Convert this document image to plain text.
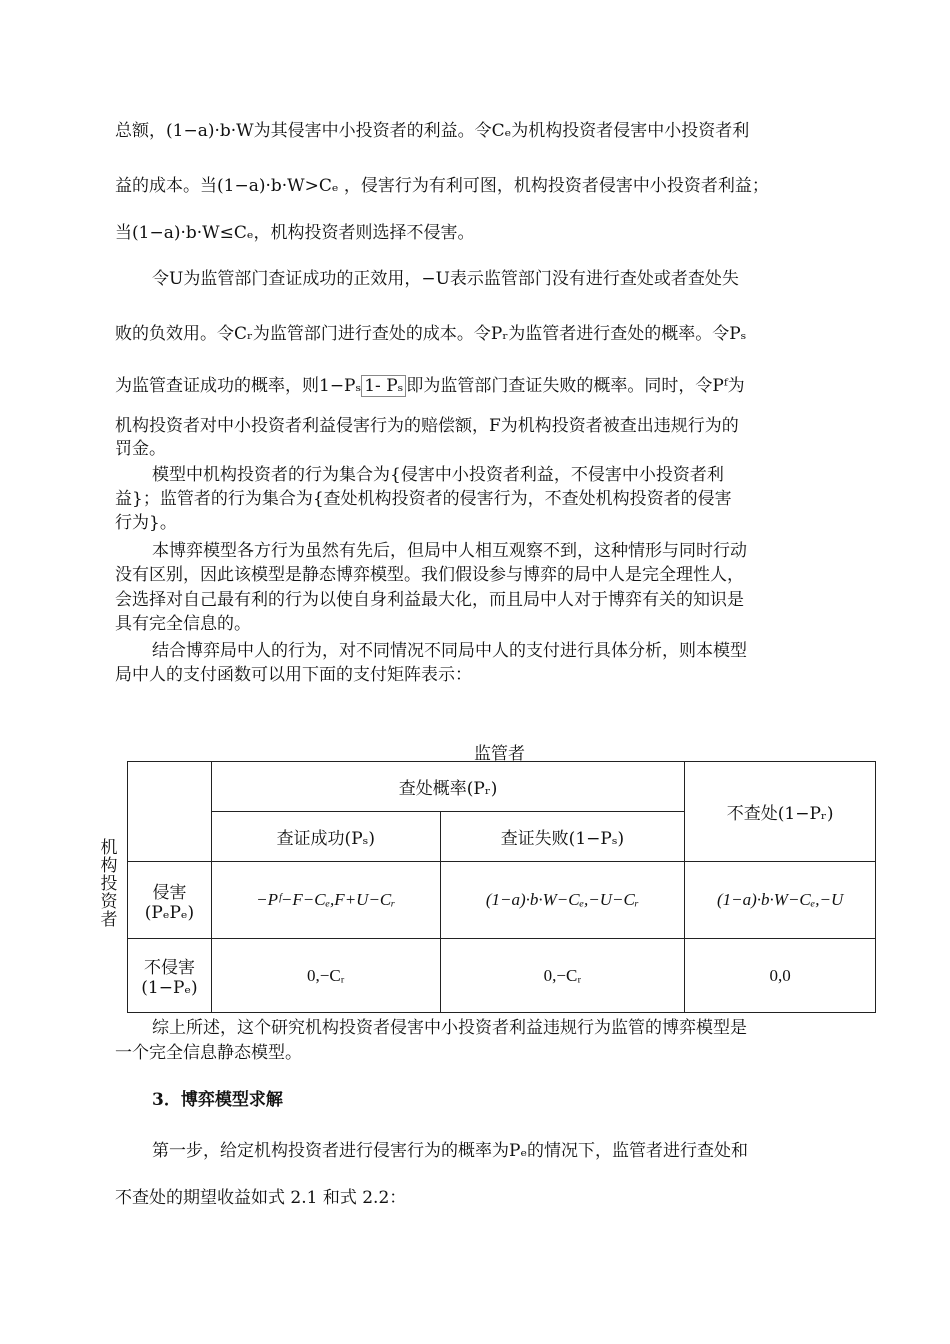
总额，(1−a)·b·W为其侵害中小投资者的利益。令Cₑ为机构投资者侵害中小投资者利
益的成本。当(1−a)·b·W>Cₑ ，侵害行为有利可图，机构投资者侵害中小投资者利益；
当(1−a)·b·W≤Cₑ，机构投资者则选择不侵害。
令U为监管部门查证成功的正效用，−U表示监管部门没有进行查处或者查处失
败的负效用。令Cᵣ为监管部门进行查处的成本。令Pᵣ为监管者进行查处的概率。令Pₛ
为监管查证成功的概率，则1−Pₛ 1- Pₛ 即为监管部门查证失败的概率。同时，令Pᶠ为
机构投资者对中小投资者利益侵害行为的赔偿额，F为机构投资者被查出违规行为的
罚金。
模型中机构投资者的行为集合为{侵害中小投资者利益，不侵害中小投资者利
益}；监管者的行为集合为{查处机构投资者的侵害行为，不查处机构投资者的侵害
行为}。
本博弈模型各方行为虽然有先后，但局中人相互观察不到，这种情形与同时行动
没有区别，因此该模型是静态博弈模型。我们假设参与博弈的局中人是完全理性人，
会选择对自己最有利的行为以使自身利益最大化，而且局中人对于博弈有关的知识是
具有完全信息的。
结合博弈局中人的行为，对不同情况不同局中人的支付进行具体分析，则本模型
局中人的支付函数可以用下面的支付矩阵表示：
监管者
机构投资者
	查处概率(Pᵣ)		不查处(1−Pᵣ)
	查证成功(Pₛ)	查证失败(1−Pₛ)	

侵害
(PₑPₑ)	−Pᶠ−F−Cₑ,F+U−Cᵣ	(1−a)·b·W−Cₑ,−U−Cᵣ	(1−a)·b·W−Cₑ,−U

不侵害
(1−Pₑ)	0,−Cᵣ	0,−Cᵣ	0,0
综上所述，这个研究机构投资者侵害中小投资者利益违规行为监管的博弈模型是
一个完全信息静态模型。
3．博弈模型求解
第一步，给定机构投资者进行侵害行为的概率为Pₑ的情况下，监管者进行查处和
不查处的期望收益如式 2.1 和式 2.2：
